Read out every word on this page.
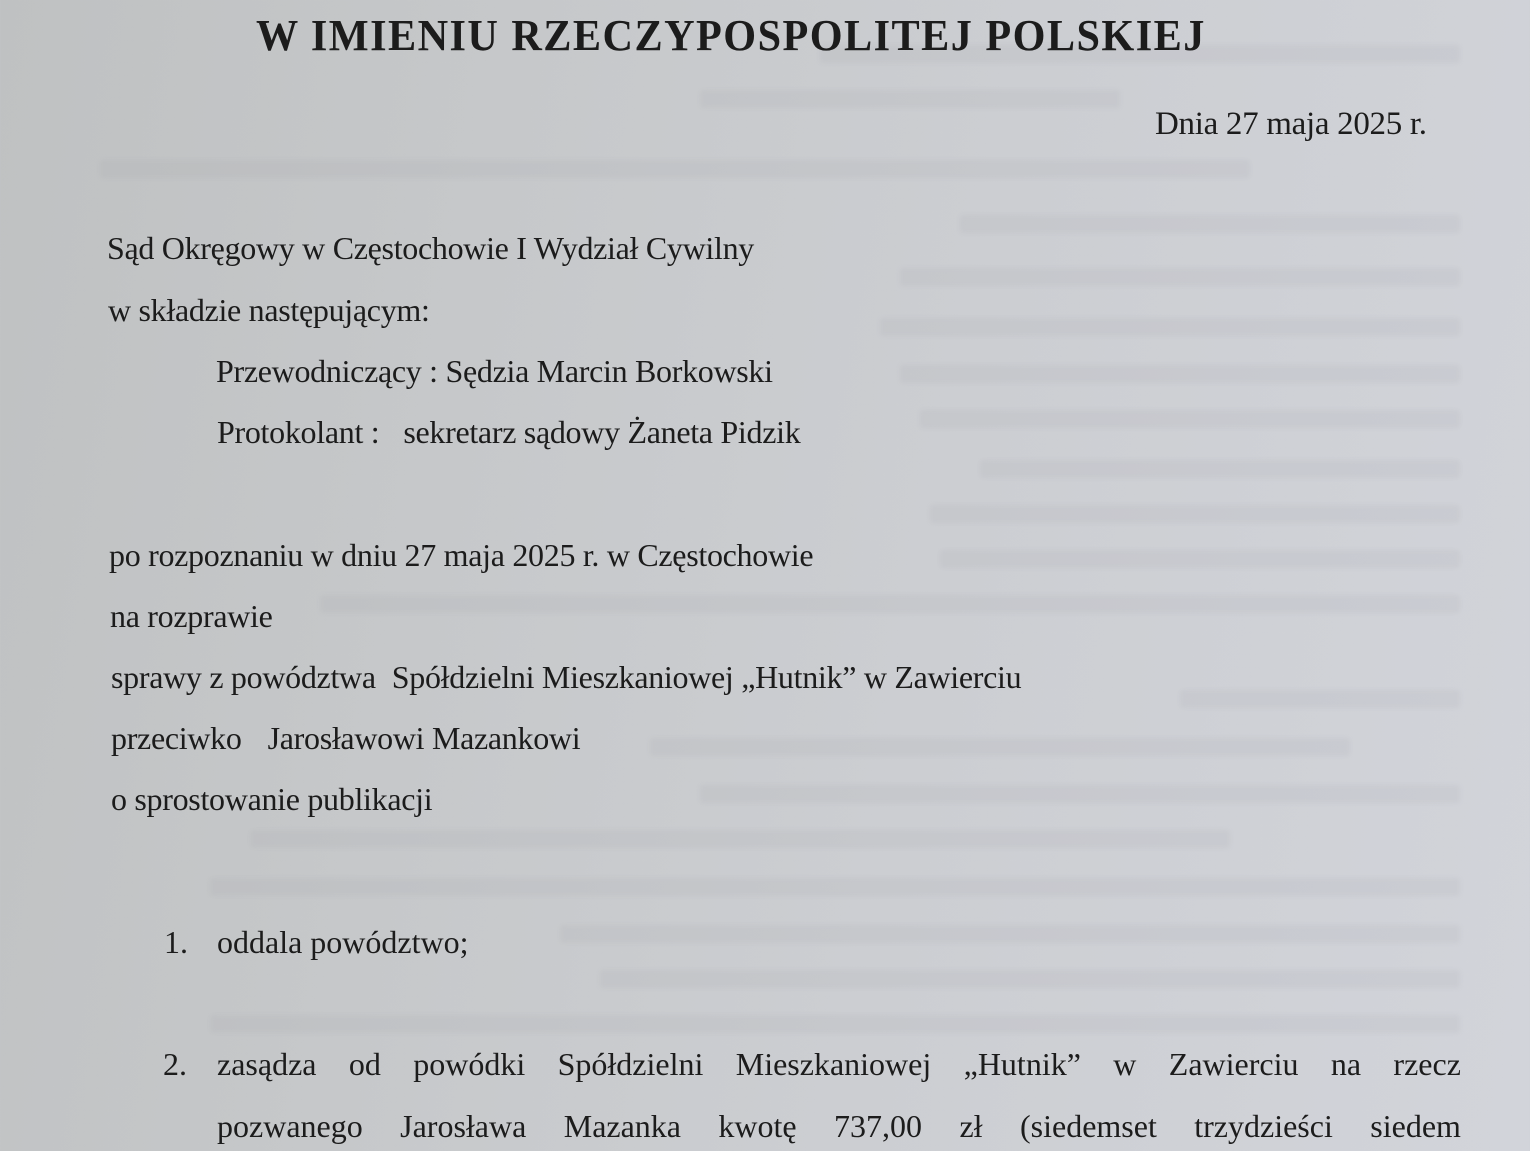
W IMIENIU RZECZYPOSPOLITEJ POLSKIEJ
Dnia 27 maja 2025 r.
Sąd Okręgowy w Częstochowie I Wydział Cywilny
w składzie następującym:
Przewodniczący : Sędzia Marcin Borkowski
Protokolant : sekretarz sądowy Żaneta Pidzik
po rozpoznaniu w dniu 27 maja 2025 r. w Częstochowie
na rozprawie
sprawy z powództwa Spółdzielni Mieszkaniowej „Hutnik” w Zawierciu
przeciwko Jarosławowi Mazankowi
o sprostowanie publikacji
1. oddala powództwo;
2. zasądza od powódki Spółdzielni Mieszkaniowej „Hutnik” w Zawierciu na rzecz
pozwanego Jarosława Mazanka kwotę 737,00 zł (siedemset trzydzieści siedem
